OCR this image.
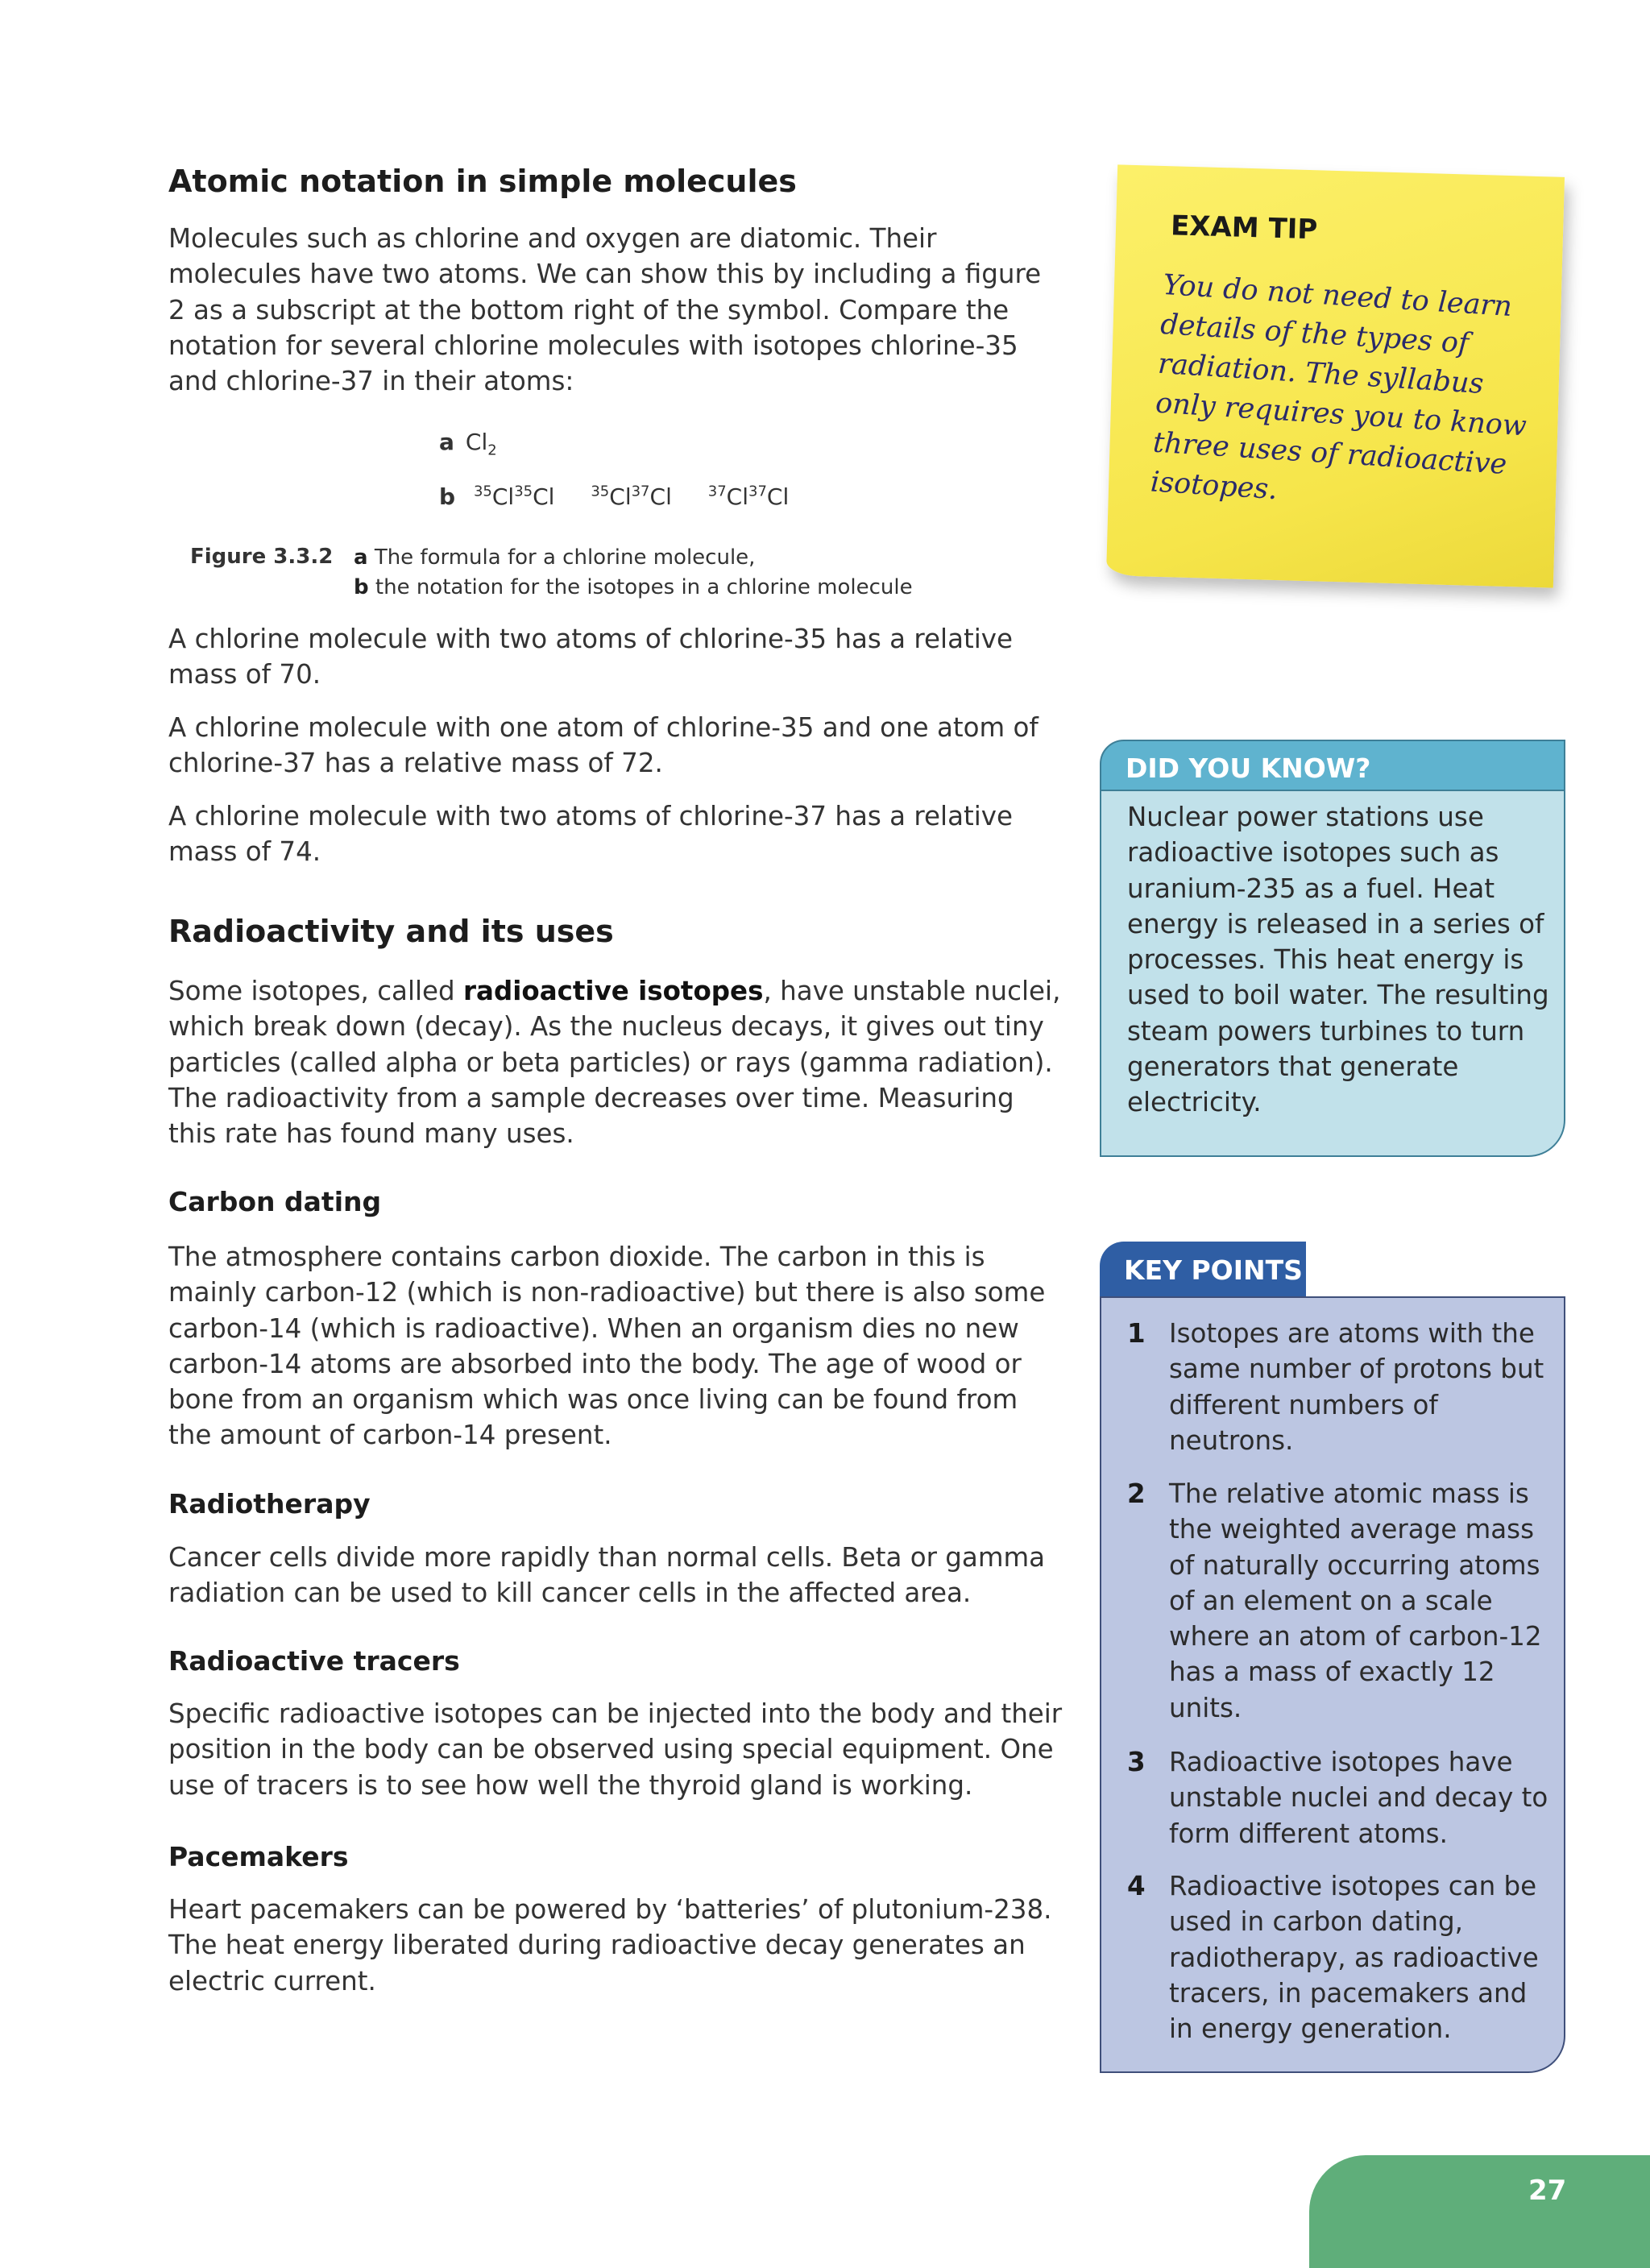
Atomic notation in simple molecules

Molecules such as chlorine and oxygen are diatomic. Their molecules have two atoms. We can show this by including a figure 2 as a subscript at the bottom right of the symbol. Compare the notation for several chlorine molecules with isotopes chlorine-35 and chlorine-37 in their atoms:

a $Cl_2$
b $^{35}$Cl$^{35}$Cl $^{35}$Cl$^{37}$Cl $^{37}$Cl$^{37}$Cl
Figure 3.3.2 a The formula for a chlorine molecule,
b the notation for the isotopes in a chlorine molecule

A chlorine molecule with two atoms of chlorine-35 has a relative mass of 70.

A chlorine molecule with one atom of chlorine-35 and one atom of chlorine-37 has a relative mass of 72.

A chlorine molecule with two atoms of chlorine-37 has a relative mass of 74.

Radioactivity and its uses

Some isotopes, called radioactive isotopes, have unstable nuclei, which break down (decay). As the nucleus decays, it gives out tiny particles (called alpha or beta particles) or rays (gamma radiation). The radioactivity from a sample decreases over time. Measuring this rate has found many uses.

Carbon dating

The atmosphere contains carbon dioxide. The carbon in this is mainly carbon-12 (which is non-radioactive) but there is also some carbon-14 (which is radioactive). When an organism dies no new carbon-14 atoms are absorbed into the body. The age of wood or bone from an organism which was once living can be found from the amount of carbon-14 present.

Radiotherapy

Cancer cells divide more rapidly than normal cells. Beta or gamma radiation can be used to kill cancer cells in the affected area.

Radioactive tracers

Specific radioactive isotopes can be injected into the body and their position in the body can be observed using special equipment. One use of tracers is to see how well the thyroid gland is working.

Pacemakers

Heart pacemakers can be powered by ‘batteries’ of plutonium-238. The heat energy liberated during radioactive decay generates an electric current.

EXAM TIP
You do not need to learn details of the types of radiation. The syllabus only requires you to know three uses of radioactive isotopes.
DID YOU KNOW?

Nuclear power stations use radioactive isotopes such as uranium-235 as a fuel. Heat energy is released in a series of processes. This heat energy is used to boil water. The resulting steam powers turbines to turn generators that generate electricity.

KEY POINTS
1 Isotopes are atoms with the same number of protons but different numbers of neutrons.
2 The relative atomic mass is the weighted average mass of naturally occurring atoms of an element on a scale where an atom of carbon-12 has a mass of exactly 12 units.
3 Radioactive isotopes have unstable nuclei and decay to form different atoms.
4 Radioactive isotopes can be used in carbon dating, radiotherapy, as radioactive tracers, in pacemakers and in energy generation.
27
